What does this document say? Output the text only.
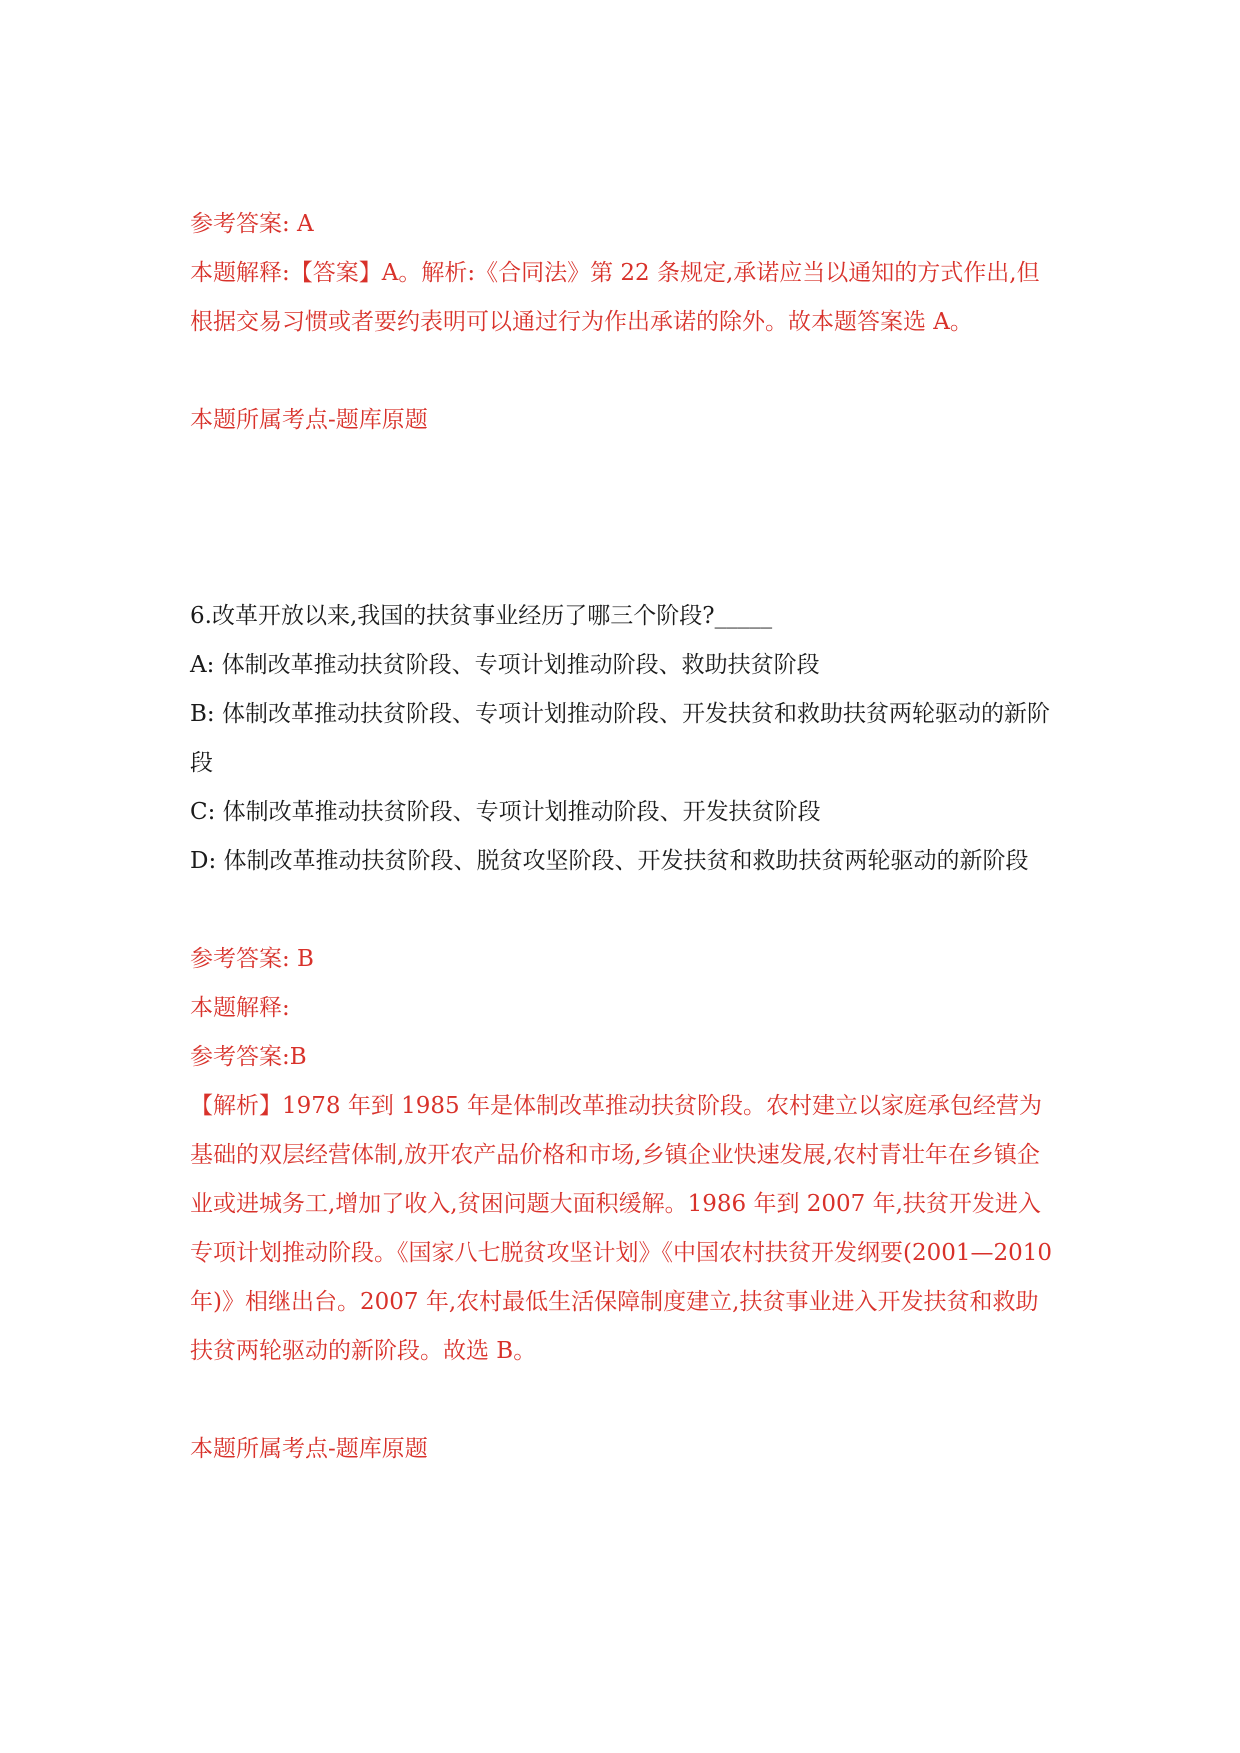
参考答案: A
本题解释:【答案】A。解析:《合同法》第 22 条规定,承诺应当以通知的方式作出,但根据交易习惯或者要约表明可以通过行为作出承诺的除外。故本题答案选 A。
本题所属考点-题库原题
6.改革开放以来,我国的扶贫事业经历了哪三个阶段?_____
A: 体制改革推动扶贫阶段、专项计划推动阶段、救助扶贫阶段
B: 体制改革推动扶贫阶段、专项计划推动阶段、开发扶贫和救助扶贫两轮驱动的新阶段
C: 体制改革推动扶贫阶段、专项计划推动阶段、开发扶贫阶段
D: 体制改革推动扶贫阶段、脱贫攻坚阶段、开发扶贫和救助扶贫两轮驱动的新阶段
参考答案: B
本题解释:
参考答案:B
【解析】1978 年到 1985 年是体制改革推动扶贫阶段。农村建立以家庭承包经营为基础的双层经营体制,放开农产品价格和市场,乡镇企业快速发展,农村青壮年在乡镇企业或进城务工,增加了收入,贫困问题大面积缓解。1986 年到 2007 年,扶贫开发进入专项计划推动阶段。《国家八七脱贫攻坚计划》《中国农村扶贫开发纲要(2001—2010 年)》相继出台。2007 年,农村最低生活保障制度建立,扶贫事业进入开发扶贫和救助扶贫两轮驱动的新阶段。故选 B。
本题所属考点-题库原题
